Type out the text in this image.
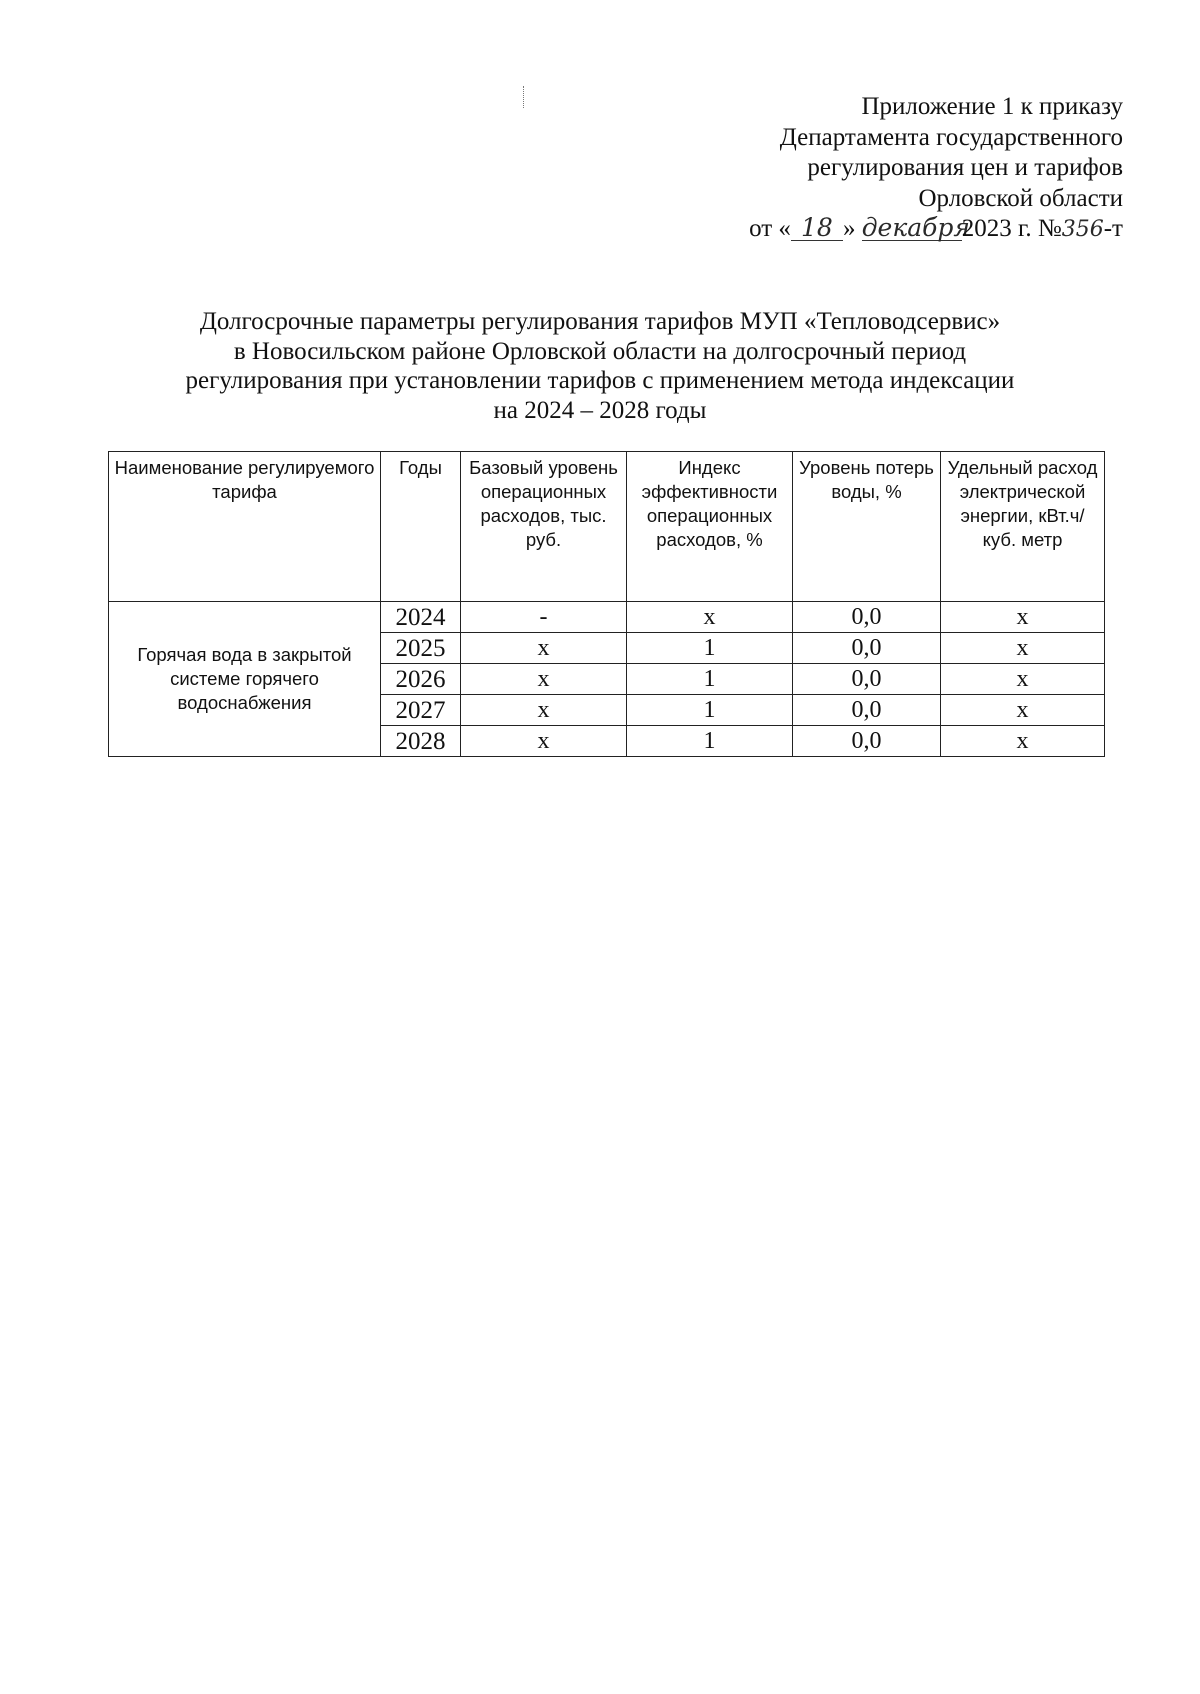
Приложение 1 к приказу
Департамента государственного
регулирования цен и тарифов
Орловской области
от « 18 » декабря2023 г. №356-т
Долгосрочные параметры регулирования тарифов МУП «Тепловодсервис»
в Новосильском районе Орловской области на долгосрочный период
регулирования при установлении тарифов с применением метода индексации
на 2024 – 2028 годы
Наименование регулируемого тарифа	Годы	Базовый уровень операционных расходов, тыс. руб.	Индекс эффективности операционных расходов, %	Уровень потерь воды, %	Удельный расход электрической энергии, кВт.ч/куб. метр
Горячая вода в закрытой системе горячего водоснабжения	2024	-	x	0,0	x
	2025	x	1	0,0	x
	2026	x	1	0,0	x
	2027	x	1	0,0	x
	2028	x	1	0,0	x
